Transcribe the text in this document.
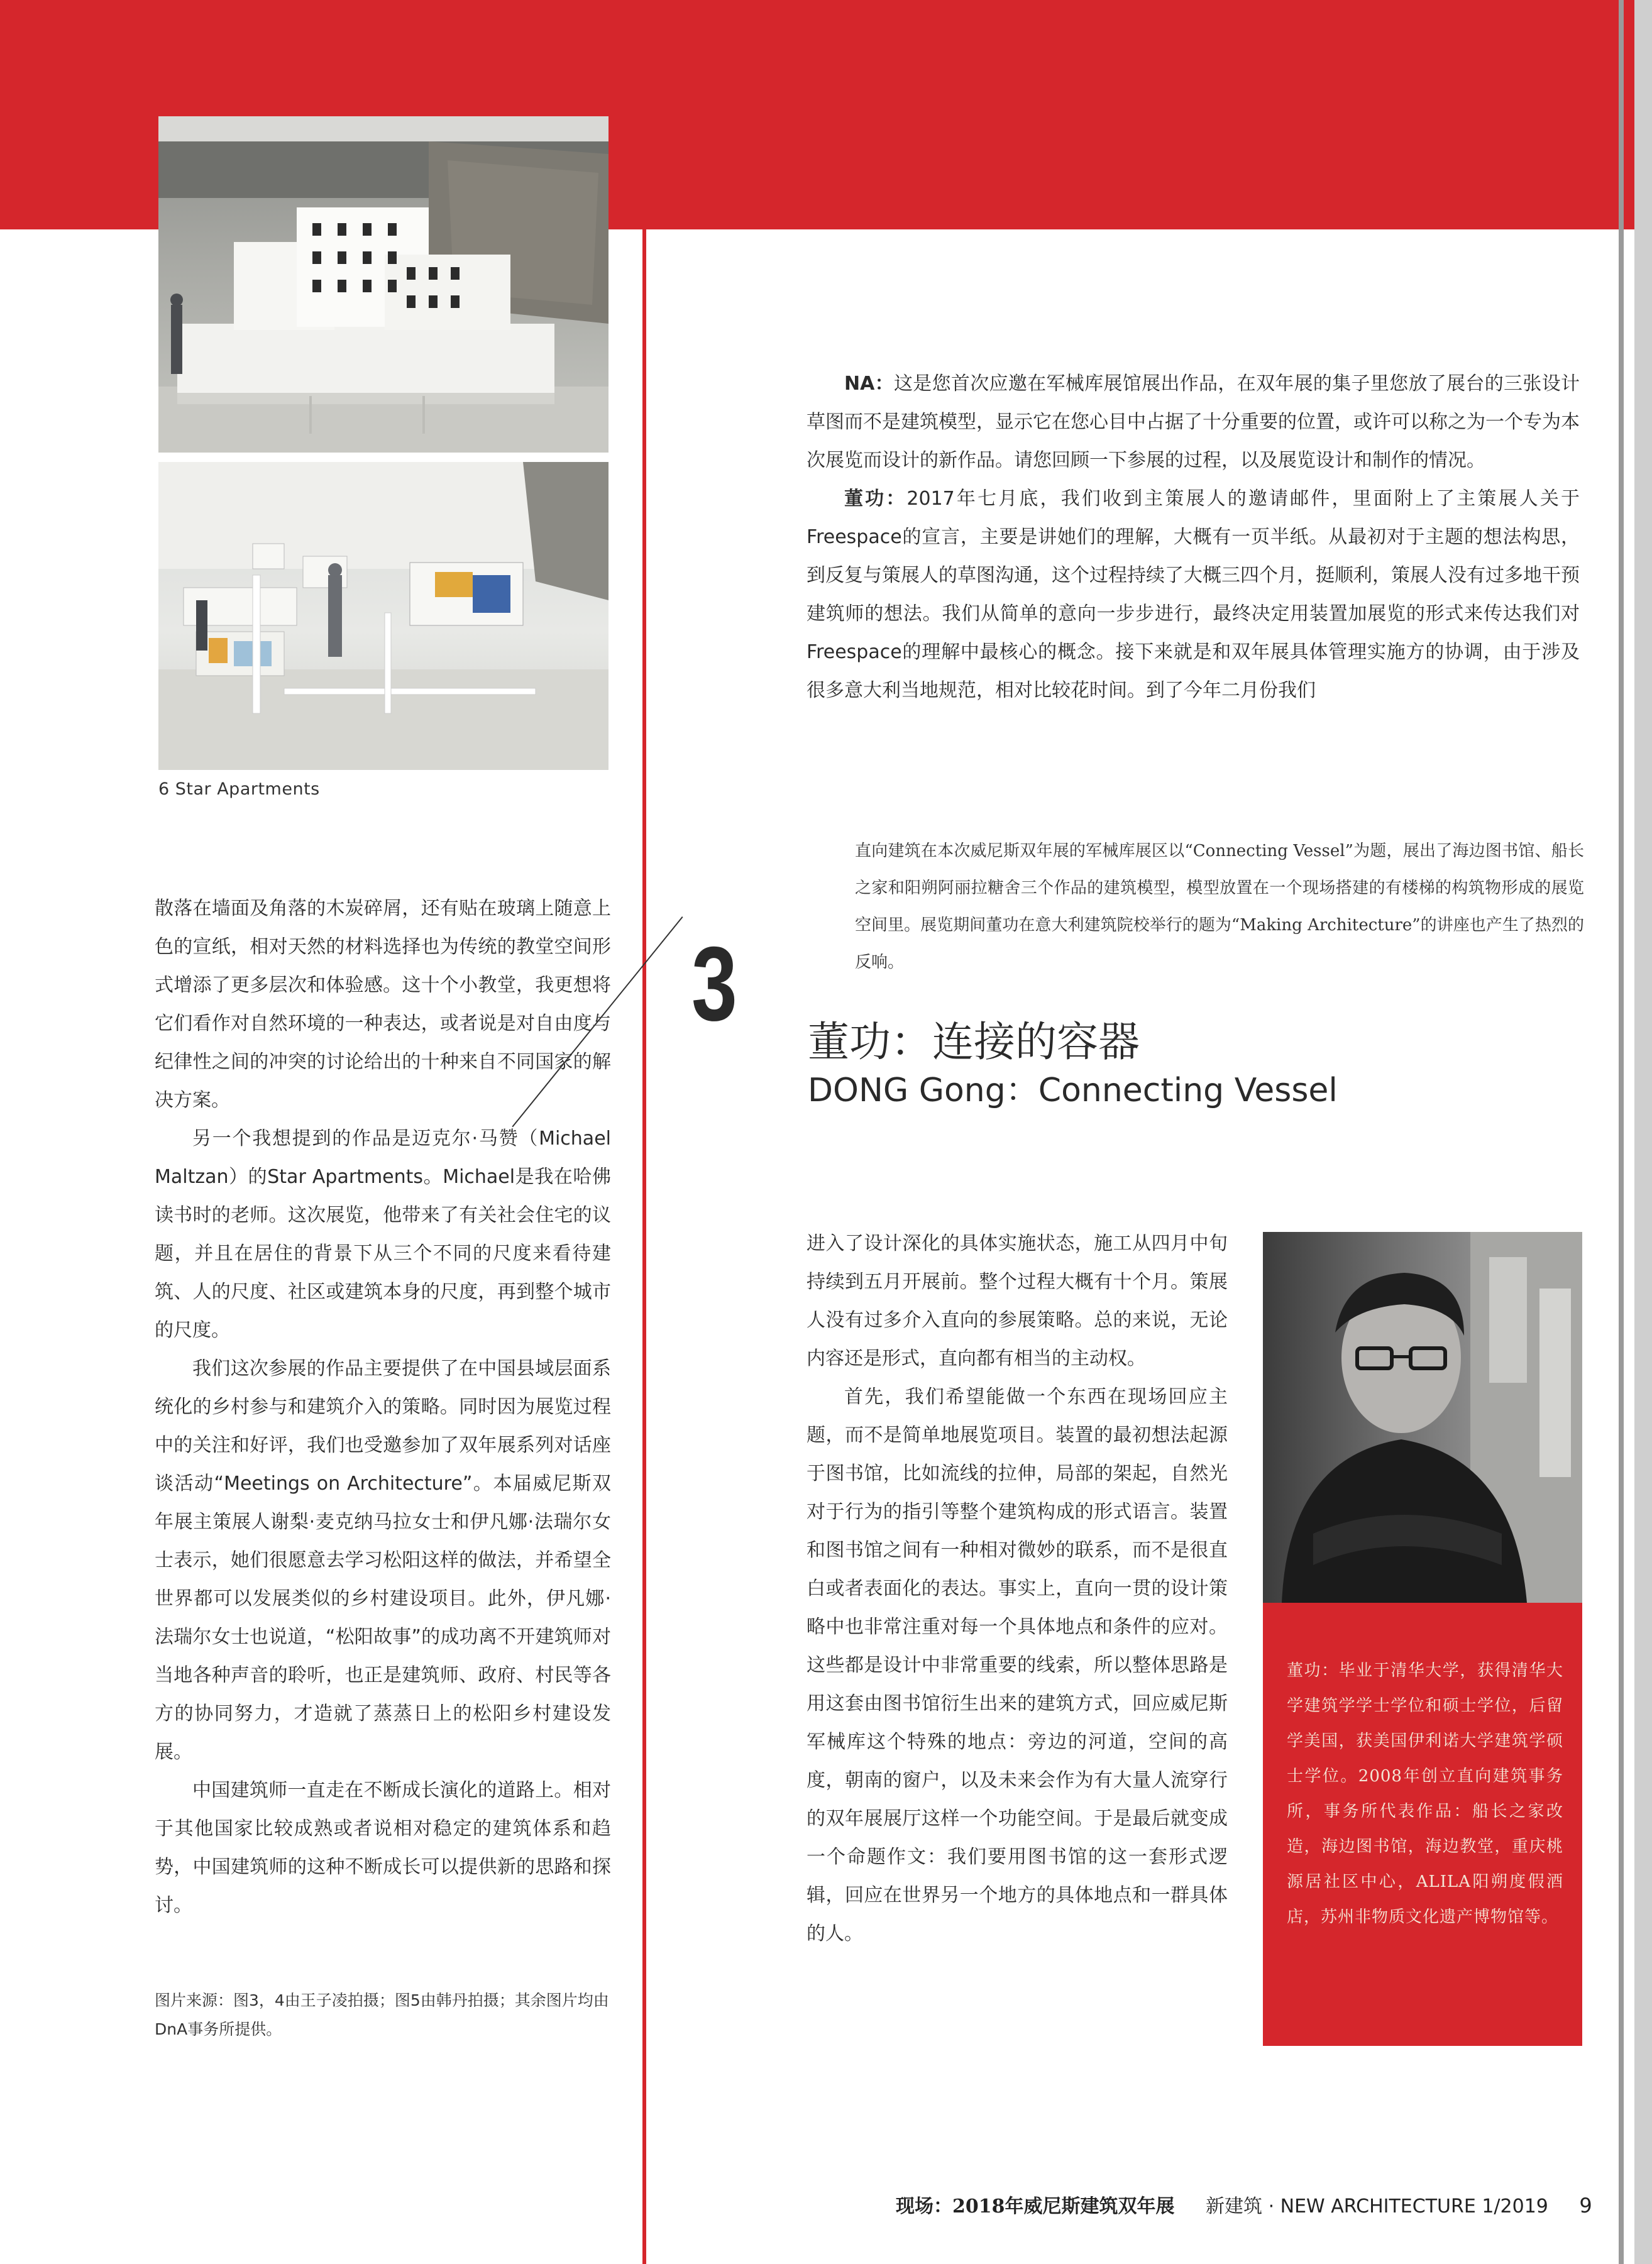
6 Star Apartments

散落在墙面及角落的木炭碎屑，还有贴在玻璃上随意上色的宣纸，相对天然的材料选择也为传统的教堂空间形式增添了更多层次和体验感。这十个小教堂，我更想将它们看作对自然环境的一种表达，或者说是对自由度与纪律性之间的冲突的讨论给出的十种来自不同国家的解决方案。

另一个我想提到的作品是迈克尔·马赞（Michael Maltzan）的Star Apartments。Michael是我在哈佛读书时的老师。这次展览，他带来了有关社会住宅的议题，并且在居住的背景下从三个不同的尺度来看待建筑、人的尺度、社区或建筑本身的尺度，再到整个城市的尺度。

我们这次参展的作品主要提供了在中国县域层面系统化的乡村参与和建筑介入的策略。同时因为展览过程中的关注和好评，我们也受邀参加了双年展系列对话座谈活动“Meetings on Architecture”。本届威尼斯双年展主策展人谢梨·麦克纳马拉女士和伊凡娜·法瑞尔女士表示，她们很愿意去学习松阳这样的做法，并希望全世界都可以发展类似的乡村建设项目。此外，伊凡娜·法瑞尔女士也说道，“松阳故事”的成功离不开建筑师对当地各种声音的聆听，也正是建筑师、政府、村民等各方的协同努力，才造就了蒸蒸日上的松阳乡村建设发展。

中国建筑师一直走在不断成长演化的道路上。相对于其他国家比较成熟或者说相对稳定的建筑体系和趋势，中国建筑师的这种不断成长可以提供新的思路和探讨。

图片来源：图3，4由王子凌拍摄；图5由韩丹拍摄；其余图片均由DnA事务所提供。

NA：这是您首次应邀在军械库展馆展出作品，在双年展的集子里您放了展台的三张设计草图而不是建筑模型，显示它在您心目中占据了十分重要的位置，或许可以称之为一个专为本次展览而设计的新作品。请您回顾一下参展的过程，以及展览设计和制作的情况。

董功：2017年七月底，我们收到主策展人的邀请邮件，里面附上了主策展人关于Freespace的宣言，主要是讲她们的理解，大概有一页半纸。从最初对于主题的想法构思，到反复与策展人的草图沟通，这个过程持续了大概三四个月，挺顺利，策展人没有过多地干预建筑师的想法。我们从简单的意向一步步进行，最终决定用装置加展览的形式来传达我们对Freespace的理解中最核心的概念。接下来就是和双年展具体管理实施方的协调，由于涉及很多意大利当地规范，相对比较花时间。到了今年二月份我们

直向建筑在本次威尼斯双年展的军械库展区以“Connecting Vessel”为题，展出了海边图书馆、船长之家和阳朔阿丽拉糖舍三个作品的建筑模型，模型放置在一个现场搭建的有楼梯的构筑物形成的展览空间里。展览期间董功在意大利建筑院校举行的题为“Making Architecture”的讲座也产生了热烈的反响。
3 董功：连接的容器
DONG Gong：Connecting Vessel

进入了设计深化的具体实施状态，施工从四月中旬持续到五月开展前。整个过程大概有十个月。策展人没有过多介入直向的参展策略。总的来说，无论内容还是形式，直向都有相当的主动权。

首先，我们希望能做一个东西在现场回应主题，而不是简单地展览项目。装置的最初想法起源于图书馆，比如流线的拉伸，局部的架起，自然光对于行为的指引等整个建筑构成的形式语言。装置和图书馆之间有一种相对微妙的联系，而不是很直白或者表面化的表达。事实上，直向一贯的设计策略中也非常注重对每一个具体地点和条件的应对。这些都是设计中非常重要的线索，所以整体思路是用这套由图书馆衍生出来的建筑方式，回应威尼斯军械库这个特殊的地点：旁边的河道，空间的高度，朝南的窗户，以及未来会作为有大量人流穿行的双年展展厅这样一个功能空间。于是最后就变成一个命题作文：我们要用图书馆的这一套形式逻辑，回应在世界另一个地方的具体地点和一群具体的人。

董功：毕业于清华大学，获得清华大学建筑学学士学位和硕士学位，后留学美国，获美国伊利诺大学建筑学硕士学位。2008年创立直向建筑事务所，事务所代表作品：船长之家改造，海边图书馆，海边教堂，重庆桃源居社区中心，ALILA阳朔度假酒店，苏州非物质文化遗产博物馆等。
现场：2018年威尼斯建筑双年展 新建筑 · NEW ARCHITECTURE 1/2019 9
